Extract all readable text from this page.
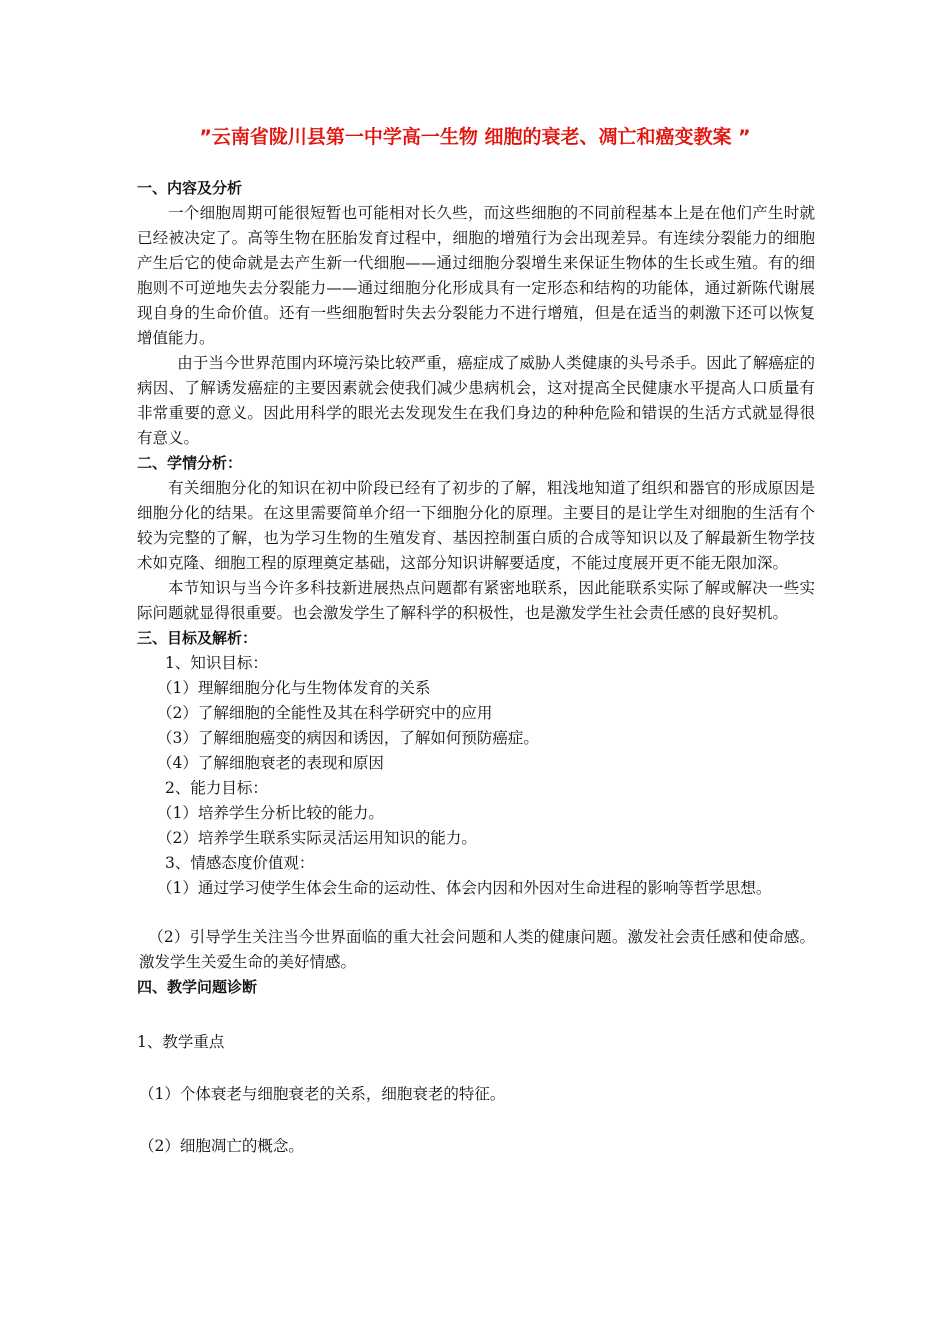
”云南省陇川县第一中学高一生物 细胞的衰老、凋亡和癌变教案 ”

一、内容及分析

一个细胞周期可能很短暂也可能相对长久些，而这些细胞的不同前程基本上是在他们产生时就已经被决定了。高等生物在胚胎发育过程中，细胞的增殖行为会出现差异。有连续分裂能力的细胞产生后它的使命就是去产生新一代细胞——通过细胞分裂增生来保证生物体的生长或生殖。有的细胞则不可逆地失去分裂能力——通过细胞分化形成具有一定形态和结构的功能体，通过新陈代谢展现自身的生命价值。还有一些细胞暂时失去分裂能力不进行增殖，但是在适当的刺激下还可以恢复增值能力。

由于当今世界范围内环境污染比较严重，癌症成了威胁人类健康的头号杀手。因此了解癌症的病因、了解诱发癌症的主要因素就会使我们减少患病机会，这对提高全民健康水平提高人口质量有非常重要的意义。因此用科学的眼光去发现发生在我们身边的种种危险和错误的生活方式就显得很有意义。

二、学情分析：

有关细胞分化的知识在初中阶段已经有了初步的了解，粗浅地知道了组织和器官的形成原因是细胞分化的结果。在这里需要简单介绍一下细胞分化的原理。主要目的是让学生对细胞的生活有个较为完整的了解，也为学习生物的生殖发育、基因控制蛋白质的合成等知识以及了解最新生物学技术如克隆、细胞工程的原理奠定基础，这部分知识讲解要适度，不能过度展开更不能无限加深。

本节知识与当今许多科技新进展热点问题都有紧密地联系，因此能联系实际了解或解决一些实际问题就显得很重要。也会激发学生了解科学的积极性，也是激发学生社会责任感的良好契机。

三、目标及解析：

1、知识目标：

（1）理解细胞分化与生物体发育的关系

（2）了解细胞的全能性及其在科学研究中的应用

（3）了解细胞癌变的病因和诱因，了解如何预防癌症。

（4）了解细胞衰老的表现和原因

2、能力目标：

（1）培养学生分析比较的能力。

（2）培养学生联系实际灵活运用知识的能力。

3、情感态度价值观：

（1）通过学习使学生体会生命的运动性、体会内因和外因对生命进程的影响等哲学思想。

（2）引导学生关注当今世界面临的重大社会问题和人类的健康问题。激发社会责任感和使命感。激发学生关爱生命的美好情感。

四、教学问题诊断

1、教学重点

（1）个体衰老与细胞衰老的关系，细胞衰老的特征。

（2）细胞凋亡的概念。
